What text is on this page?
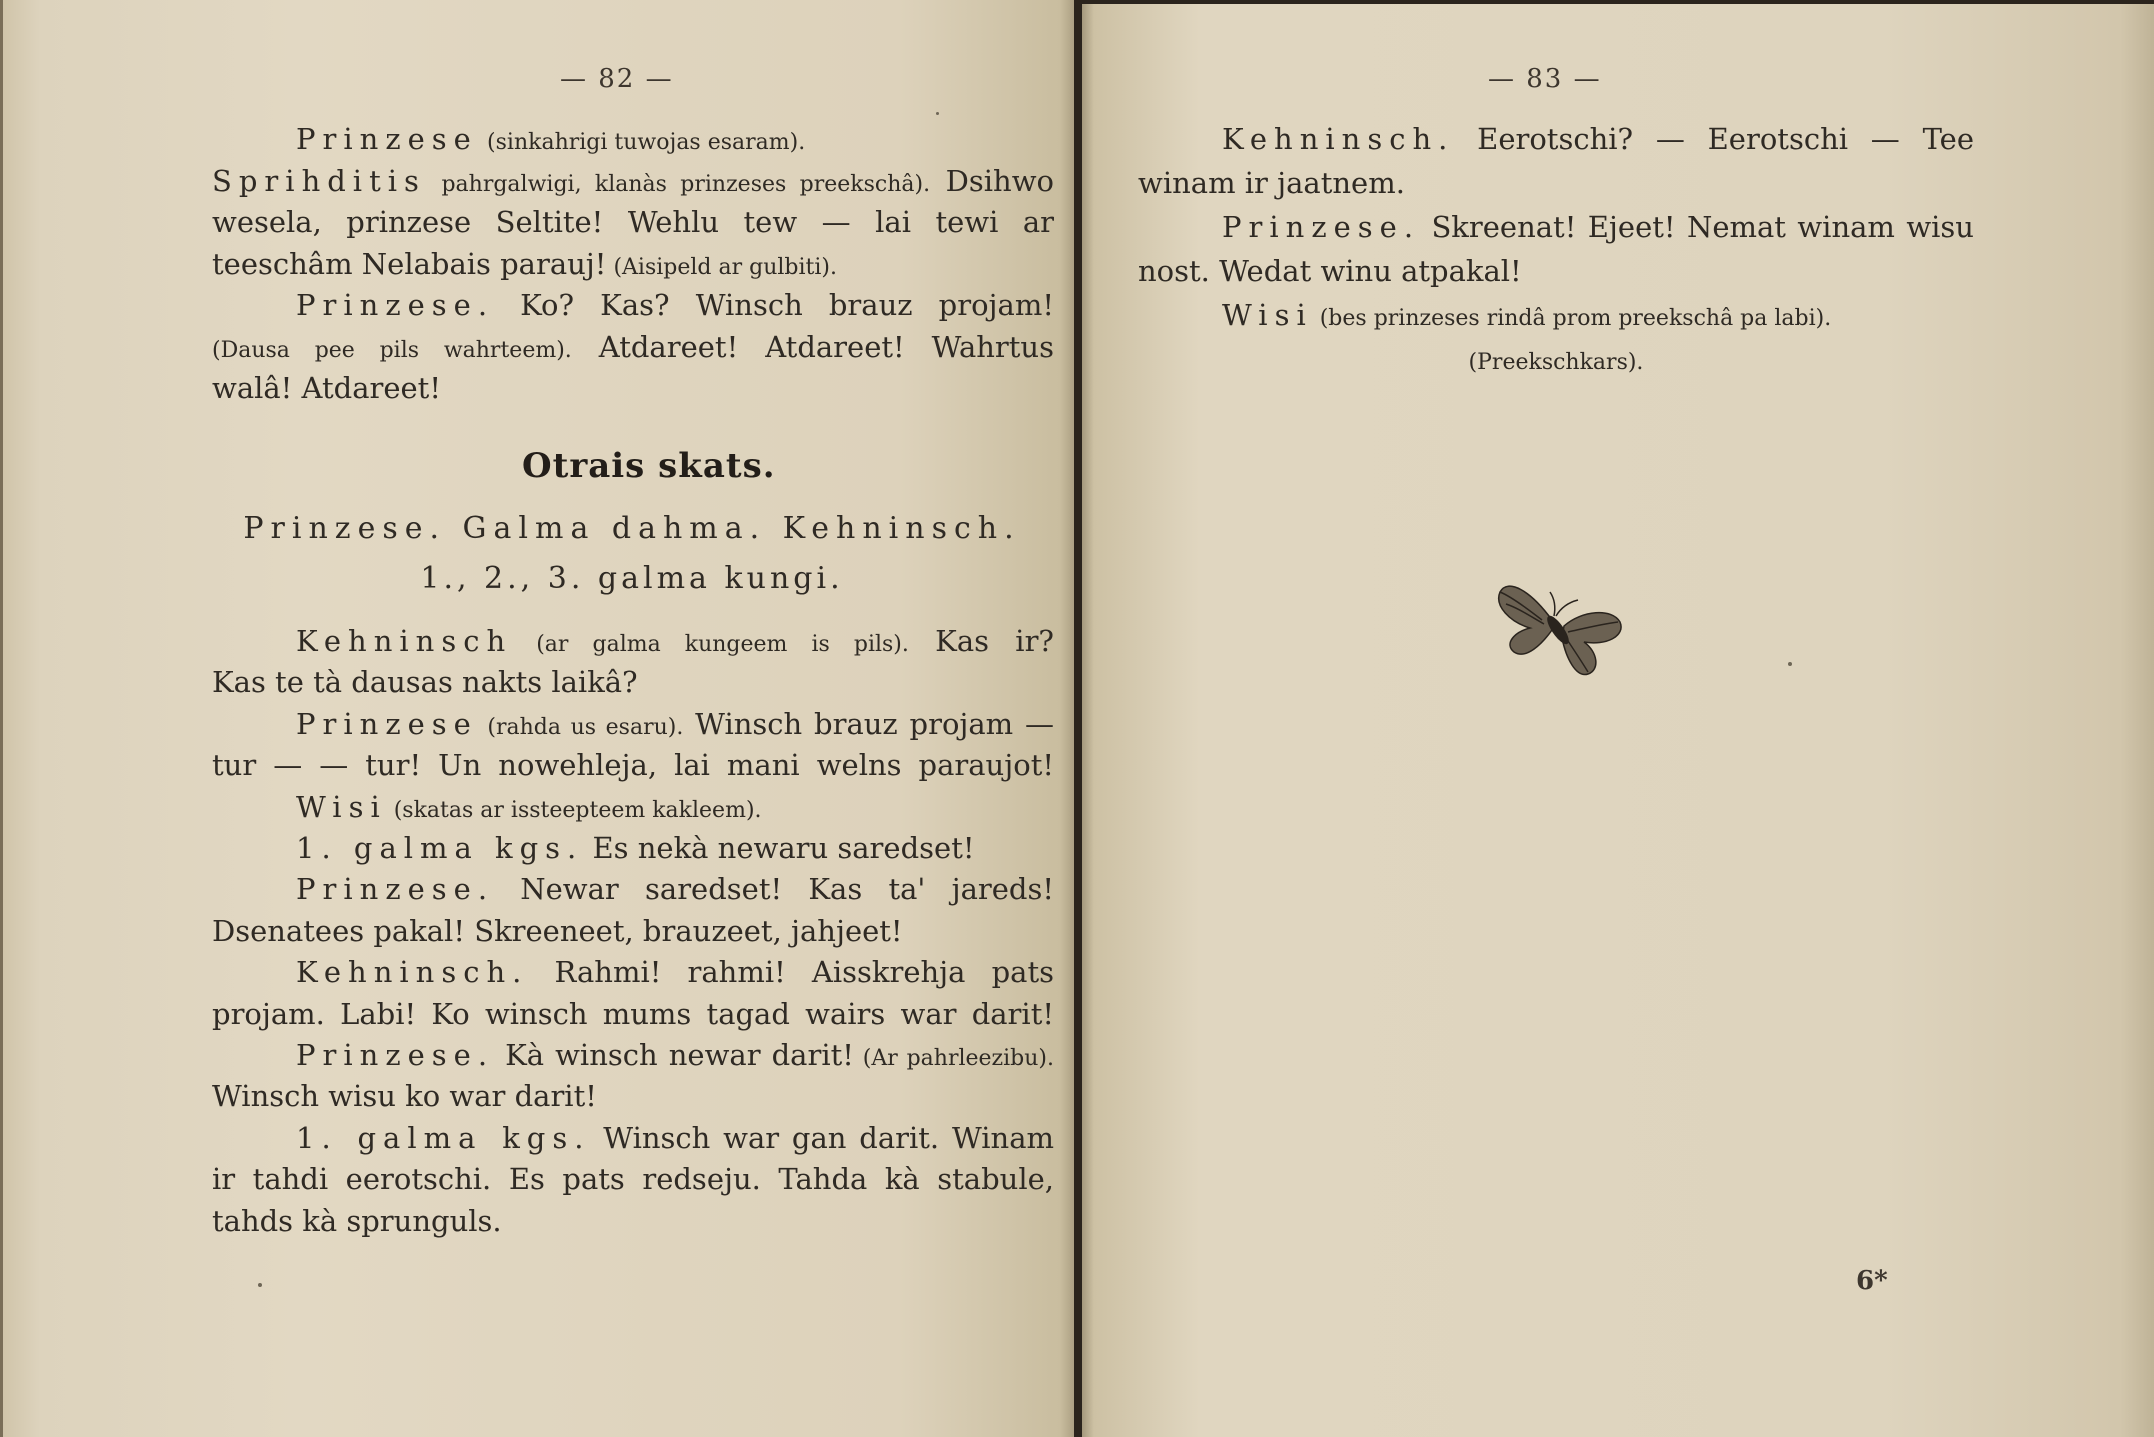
— 82 —
Prinzese (sinkahrigi tuwojas esaram).
Sprihditis pahrgalwigi, klanàs prinzeses preekschâ). Dsihwo
wesela, prinzese Seltite! Wehlu tew — lai tewi ar
teeschâm Nelabais parauj! (Aisipeld ar gulbiti).
Prinzese. Ko? Kas? Winsch brauz projam!
(Dausa pee pils wahrteem). Atdareet! Atdareet! Wahrtus
walâ! Atdareet!
Otrais skats.
Prinzese. Galma dahma. Kehninsch.
1., 2., 3. galma kungi.
Kehninsch (ar galma kungeem is pils). Kas ir?
Kas te tà dausas nakts laikâ?
Prinzese (rahda us esaru). Winsch brauz projam —
tur — — tur! Un nowehleja, lai mani welns paraujot!
Wisi (skatas ar issteepteem kakleem).
1. galma kgs. Es nekà newaru saredset!
Prinzese. Newar saredset! Kas ta' jareds!
Dsenatees pakal! Skreeneet, brauzeet, jahjeet!
Kehninsch. Rahmi! rahmi! Aisskrehja pats
projam. Labi! Ko winsch mums tagad wairs war darit!
Prinzese. Kà winsch newar darit! (Ar pahrleezibu).
Winsch wisu ko war darit!
1. galma kgs. Winsch war gan darit. Winam
ir tahdi eerotschi. Es pats redseju. Tahda kà stabule,
tahds kà sprunguls.
— 83 —
Kehninsch. Eerotschi? — Eerotschi — Tee
winam ir jaatnem.
Prinzese. Skreenat! Ejeet! Nemat winam wisu
nost. Wedat winu atpakal!
Wisi (bes prinzeses rindâ prom preekschâ pa labi).
(Preekschkars).
6*
